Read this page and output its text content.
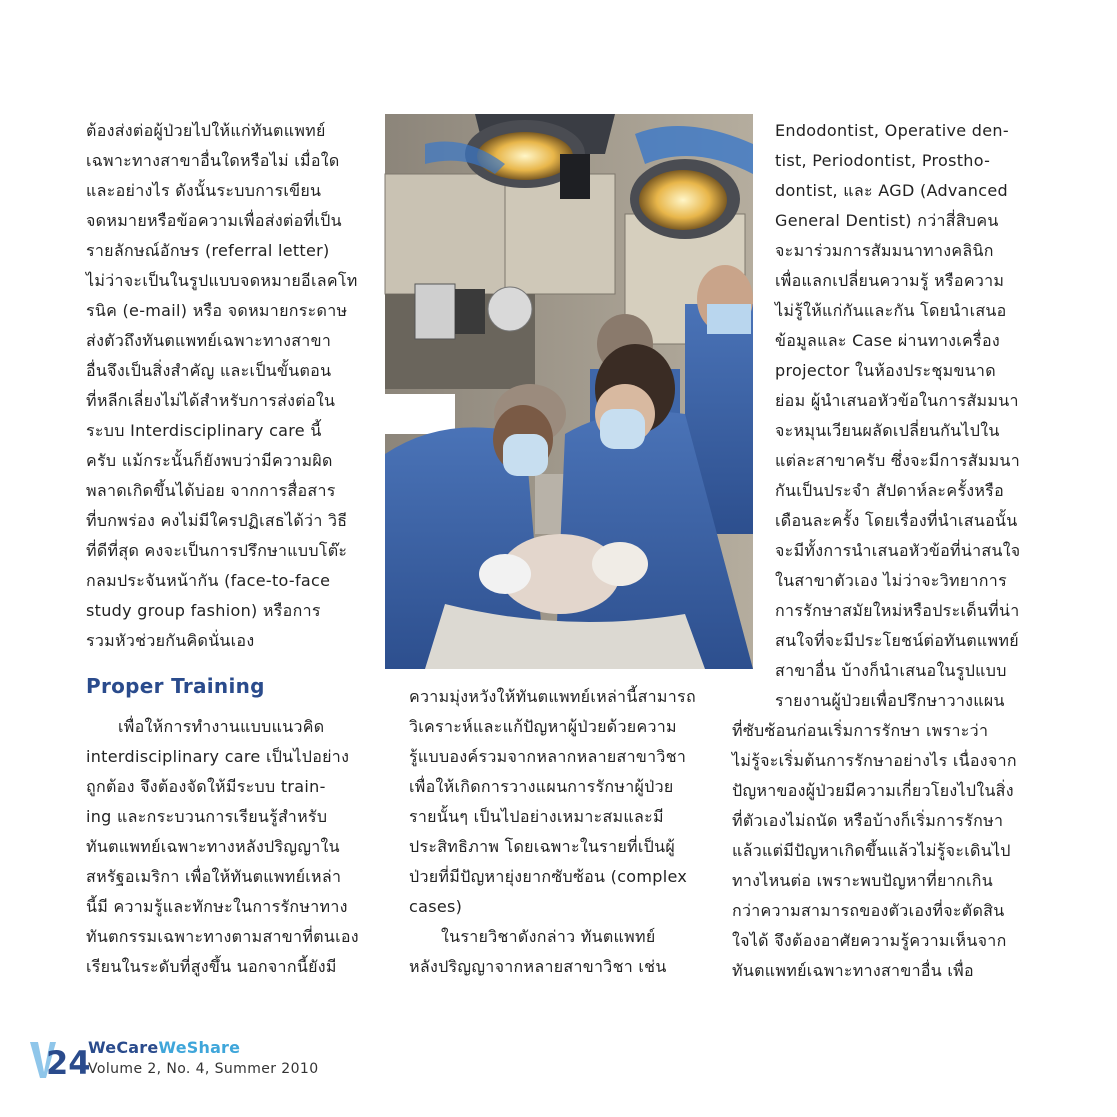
ต้องส่งต่อผู้ป่วยไปให้แก่ทันตแพทย์
เฉพาะทางสาขาอื่นใดหรือไม่ เมื่อใด
และอย่างไร ดังนั้นระบบการเขียน
จดหมายหรือข้อความเพื่อส่งต่อที่เป็น
รายลักษณ์อักษร (referral letter)
ไม่ว่าจะเป็นในรูปแบบจดหมายอีเลคโท
รนิค (e-mail) หรือ จดหมายกระดาษ
ส่งตัวถึงทันตแพทย์เฉพาะทางสาขา
อื่นจึงเป็นสิ่งสำคัญ และเป็นขั้นตอน
ที่หลีกเลี่ยงไม่ได้สำหรับการส่งต่อใน
ระบบ Interdisciplinary care นี้
ครับ แม้กระนั้นก็ยังพบว่ามีความผิด
พลาดเกิดขึ้นได้บ่อย จากการสื่อสาร
ที่บกพร่อง คงไม่มีใครปฏิเสธได้ว่า วิธี
ที่ดีที่สุด คงจะเป็นการปรึกษาแบบโต๊ะ
กลมประจันหน้ากัน (face-to-face
study group fashion) หรือการ
รวมหัวช่วยกันคิดนั่นเอง
Proper Training
เพื่อให้การทำงานแบบแนวคิด
interdisciplinary care เป็นไปอย่าง
ถูกต้อง จึงต้องจัดให้มีระบบ train-
ing และกระบวนการเรียนรู้สำหรับ
ทันตแพทย์เฉพาะทางหลังปริญญาใน
สหรัฐอเมริกา เพื่อให้ทันตแพทย์เหล่า
นี้มี ความรู้และทักษะในการรักษาทาง
ทันตกรรมเฉพาะทางตามสาขาที่ตนเอง
เรียนในระดับที่สูงขึ้น นอกจากนี้ยังมี
ความมุ่งหวังให้ทันตแพทย์เหล่านี้สามารถ
วิเคราะห์และแก้ปัญหาผู้ป่วยด้วยความ
รู้แบบองค์รวมจากหลากหลายสาขาวิชา
เพื่อให้เกิดการวางแผนการรักษาผู้ป่วย
รายนั้นๆ เป็นไปอย่างเหมาะสมและมี
ประสิทธิภาพ โดยเฉพาะในรายที่เป็นผู้
ป่วยที่มีปัญหายุ่งยากซับซ้อน (complex
cases)
ในรายวิชาดังกล่าว ทันตแพทย์
หลังปริญญาจากหลายสาขาวิชา เช่น
Endodontist, Operative den-
tist, Periodontist, Prostho-
dontist, และ AGD (Advanced
General Dentist) กว่าสี่สิบคน
จะมาร่วมการสัมมนาทางคลินิก
เพื่อแลกเปลี่ยนความรู้ หรือความ
ไม่รู้ให้แก่กันและกัน โดยนำเสนอ
ข้อมูลและ Case ผ่านทางเครื่อง
projector ในห้องประชุมขนาด
ย่อม ผู้นำเสนอหัวข้อในการสัมมนา
จะหมุนเวียนผลัดเปลี่ยนกันไปใน
แต่ละสาขาครับ ซึ่งจะมีการสัมมนา
กันเป็นประจำ สัปดาห์ละครั้งหรือ
เดือนละครั้ง โดยเรื่องที่นำเสนอนั้น
จะมีทั้งการนำเสนอหัวข้อที่น่าสนใจ
ในสาขาตัวเอง ไม่ว่าจะวิทยาการ
การรักษาสมัยใหม่หรือประเด็นที่น่า
สนใจที่จะมีประโยชน์ต่อทันตแพทย์
สาขาอื่น บ้างก็นำเสนอในรูปแบบ
รายงานผู้ป่วยเพื่อปรึกษาวางแผน
ที่ซับซ้อนก่อนเริ่มการรักษา เพราะว่า
ไม่รู้จะเริ่มต้นการรักษาอย่างไร เนื่องจาก
ปัญหาของผู้ป่วยมีความเกี่ยวโยงไปในสิ่ง
ที่ตัวเองไม่ถนัด หรือบ้างก็เริ่มการรักษา
แล้วแต่มีปัญหาเกิดขึ้นแล้วไม่รู้จะเดินไป
ทางไหนต่อ เพราะพบปัญหาที่ยากเกิน
กว่าความสามารถของตัวเองที่จะตัดสิน
ใจได้ จึงต้องอาศัยความรู้ความเห็นจาก
ทันตแพทย์เฉพาะทางสาขาอื่น เพื่อ
24
WeCareWeShare
Volume 2, No. 4, Summer 2010
